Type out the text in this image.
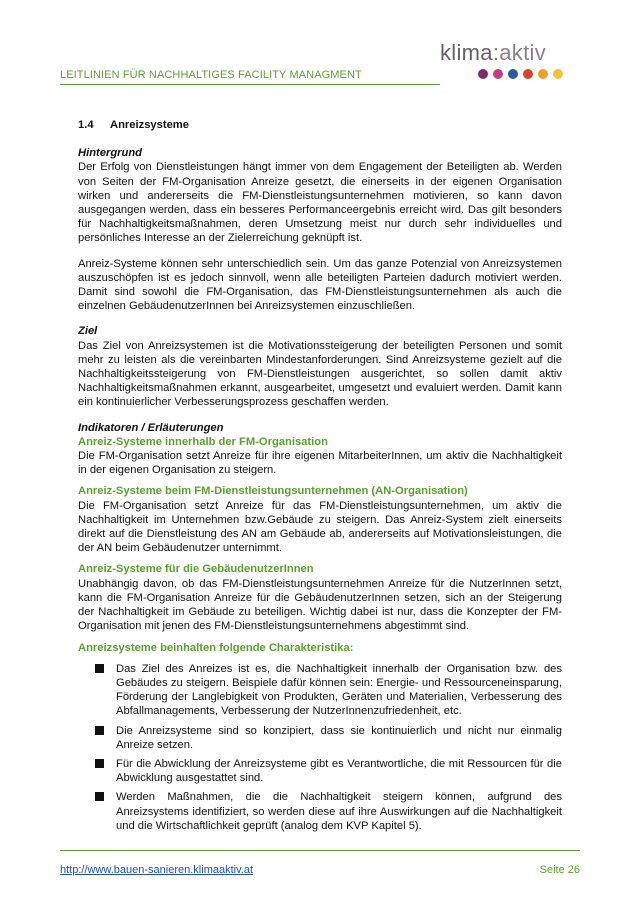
LEITLINIEN FÜR NACHHALTIGES FACILITY MANAGMENT
klima:aktiv
1.4 Anreizsysteme
Hintergrund

Der Erfolg von Dienstleistungen hängt immer von dem Engagement der Beteiligten ab. Werden von Seiten der FM-Organisation Anreize gesetzt, die einerseits in der eigenen Organisation wirken und andererseits die FM-Dienstleistungsunternehmen motivieren, so kann davon ausgegangen werden, dass ein besseres Performanceergebnis erreicht wird. Das gilt besonders für Nachhaltigkeitsmaßnahmen, deren Umsetzung meist nur durch sehr individuelles und persönliches Interesse an der Zielerreichung geknüpft ist.

Anreiz-Systeme können sehr unterschiedlich sein. Um das ganze Potenzial von Anreizsystemen auszuschöpfen ist es jedoch sinnvoll, wenn alle beteiligten Parteien dadurch motiviert werden. Damit sind sowohl die FM-Organisation, das FM-Dienstleistungsunternehmen als auch die einzelnen GebäudenutzerInnen bei Anreizsystemen einzuschließen.

Ziel

Das Ziel von Anreizsystemen ist die Motivationssteigerung der beteiligten Personen und somit mehr zu leisten als die vereinbarten Mindestanforderungen. Sind Anreizsysteme gezielt auf die Nachhaltigkeitssteigerung von FM-Dienstleistungen ausgerichtet, so sollen damit aktiv Nachhaltigkeitsmaßnahmen erkannt, ausgearbeitet, umgesetzt und evaluiert werden. Damit kann ein kontinuierlicher Verbesserungsprozess geschaffen werden.

Indikatoren / Erläuterungen
Anreiz-Systeme innerhalb der FM-Organisation

Die FM-Organisation setzt Anreize für ihre eigenen MitarbeiterInnen, um aktiv die Nachhaltigkeit in der eigenen Organisation zu steigern.

Anreiz-Systeme beim FM-Dienstleistungsunternehmen (AN-Organisation)

Die FM-Organisation setzt Anreize für das FM-Dienstleistungsunternehmen, um aktiv die Nachhaltigkeit im Unternehmen bzw.Gebäude zu steigern. Das Anreiz-System zielt einerseits direkt auf die Dienstleistung des AN am Gebäude ab, andererseits auf Motivationsleistungen, die der AN beim Gebäudenutzer unternimmt.

Anreiz-Systeme für die GebäudenutzerInnen

Unabhängig davon, ob das FM-Dienstleistungsunternehmen Anreize für die NutzerInnen setzt, kann die FM-Organisation Anreize für die GebäudenutzerInnen setzen, sich an der Steigerung der Nachhaltigkeit im Gebäude zu beteiligen. Wichtig dabei ist nur, dass die Konzepter der FM-Organisation mit jenen des FM-Dienstleistungsunternehmens abgestimmt sind.

Anreizsysteme beinhalten folgende Charakteristika:
Das Ziel des Anreizes ist es, die Nachhaltigkeit innerhalb der Organisation bzw. des Gebäudes zu steigern. Beispiele dafür können sein: Energie- und Ressourceneinsparung, Förderung der Langlebigkeit von Produkten, Geräten und Materialien, Verbesserung des Abfallmanagements, Verbesserung der NutzerInnenzufriedenheit, etc.
Die Anreizsysteme sind so konzipiert, dass sie kontinuierlich und nicht nur einmalig Anreize setzen.
Für die Abwicklung der Anreizsysteme gibt es Verantwortliche, die mit Ressourcen für die Abwicklung ausgestattet sind.
Werden Maßnahmen, die die Nachhaltigkeit steigern können, aufgrund des Anreizsystems identifiziert, so werden diese auf ihre Auswirkungen auf die Nachhaltigkeit und die Wirtschaftlichkeit geprüft (analog dem KVP Kapitel 5).
http://www.bauen-sanieren.klimaaktiv.at	Seite 26
